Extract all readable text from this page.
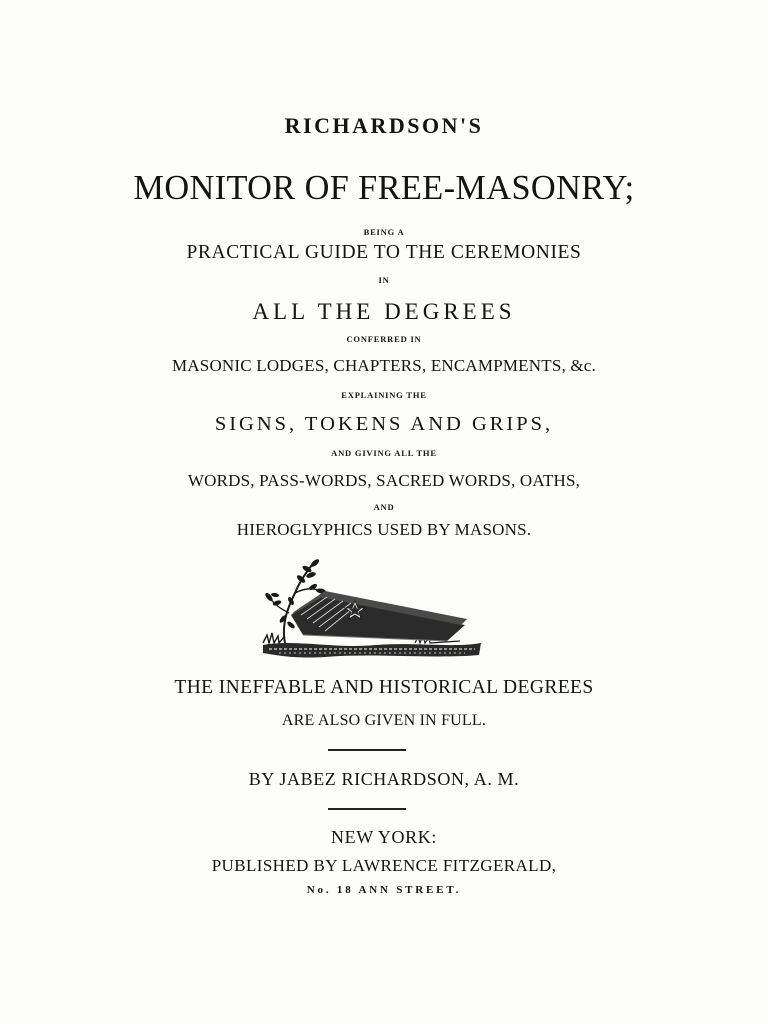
RICHARDSON'S
MONITOR OF FREE-MASONRY;
BEING A
PRACTICAL GUIDE TO THE CEREMONIES
IN
ALL THE DEGREES
CONFERRED IN
MASONIC LODGES, CHAPTERS, ENCAMPMENTS, &c.
EXPLAINING THE
SIGNS, TOKENS AND GRIPS,
AND GIVING ALL THE
WORDS, PASS-WORDS, SACRED WORDS, OATHS,
AND
HIEROGLYPHICS USED BY MASONS.
THE INEFFABLE AND HISTORICAL DEGREES
ARE ALSO GIVEN IN FULL.
BY JABEZ RICHARDSON, A. M.
NEW YORK:
PUBLISHED BY LAWRENCE FITZGERALD,
No. 18 ANN STREET.
